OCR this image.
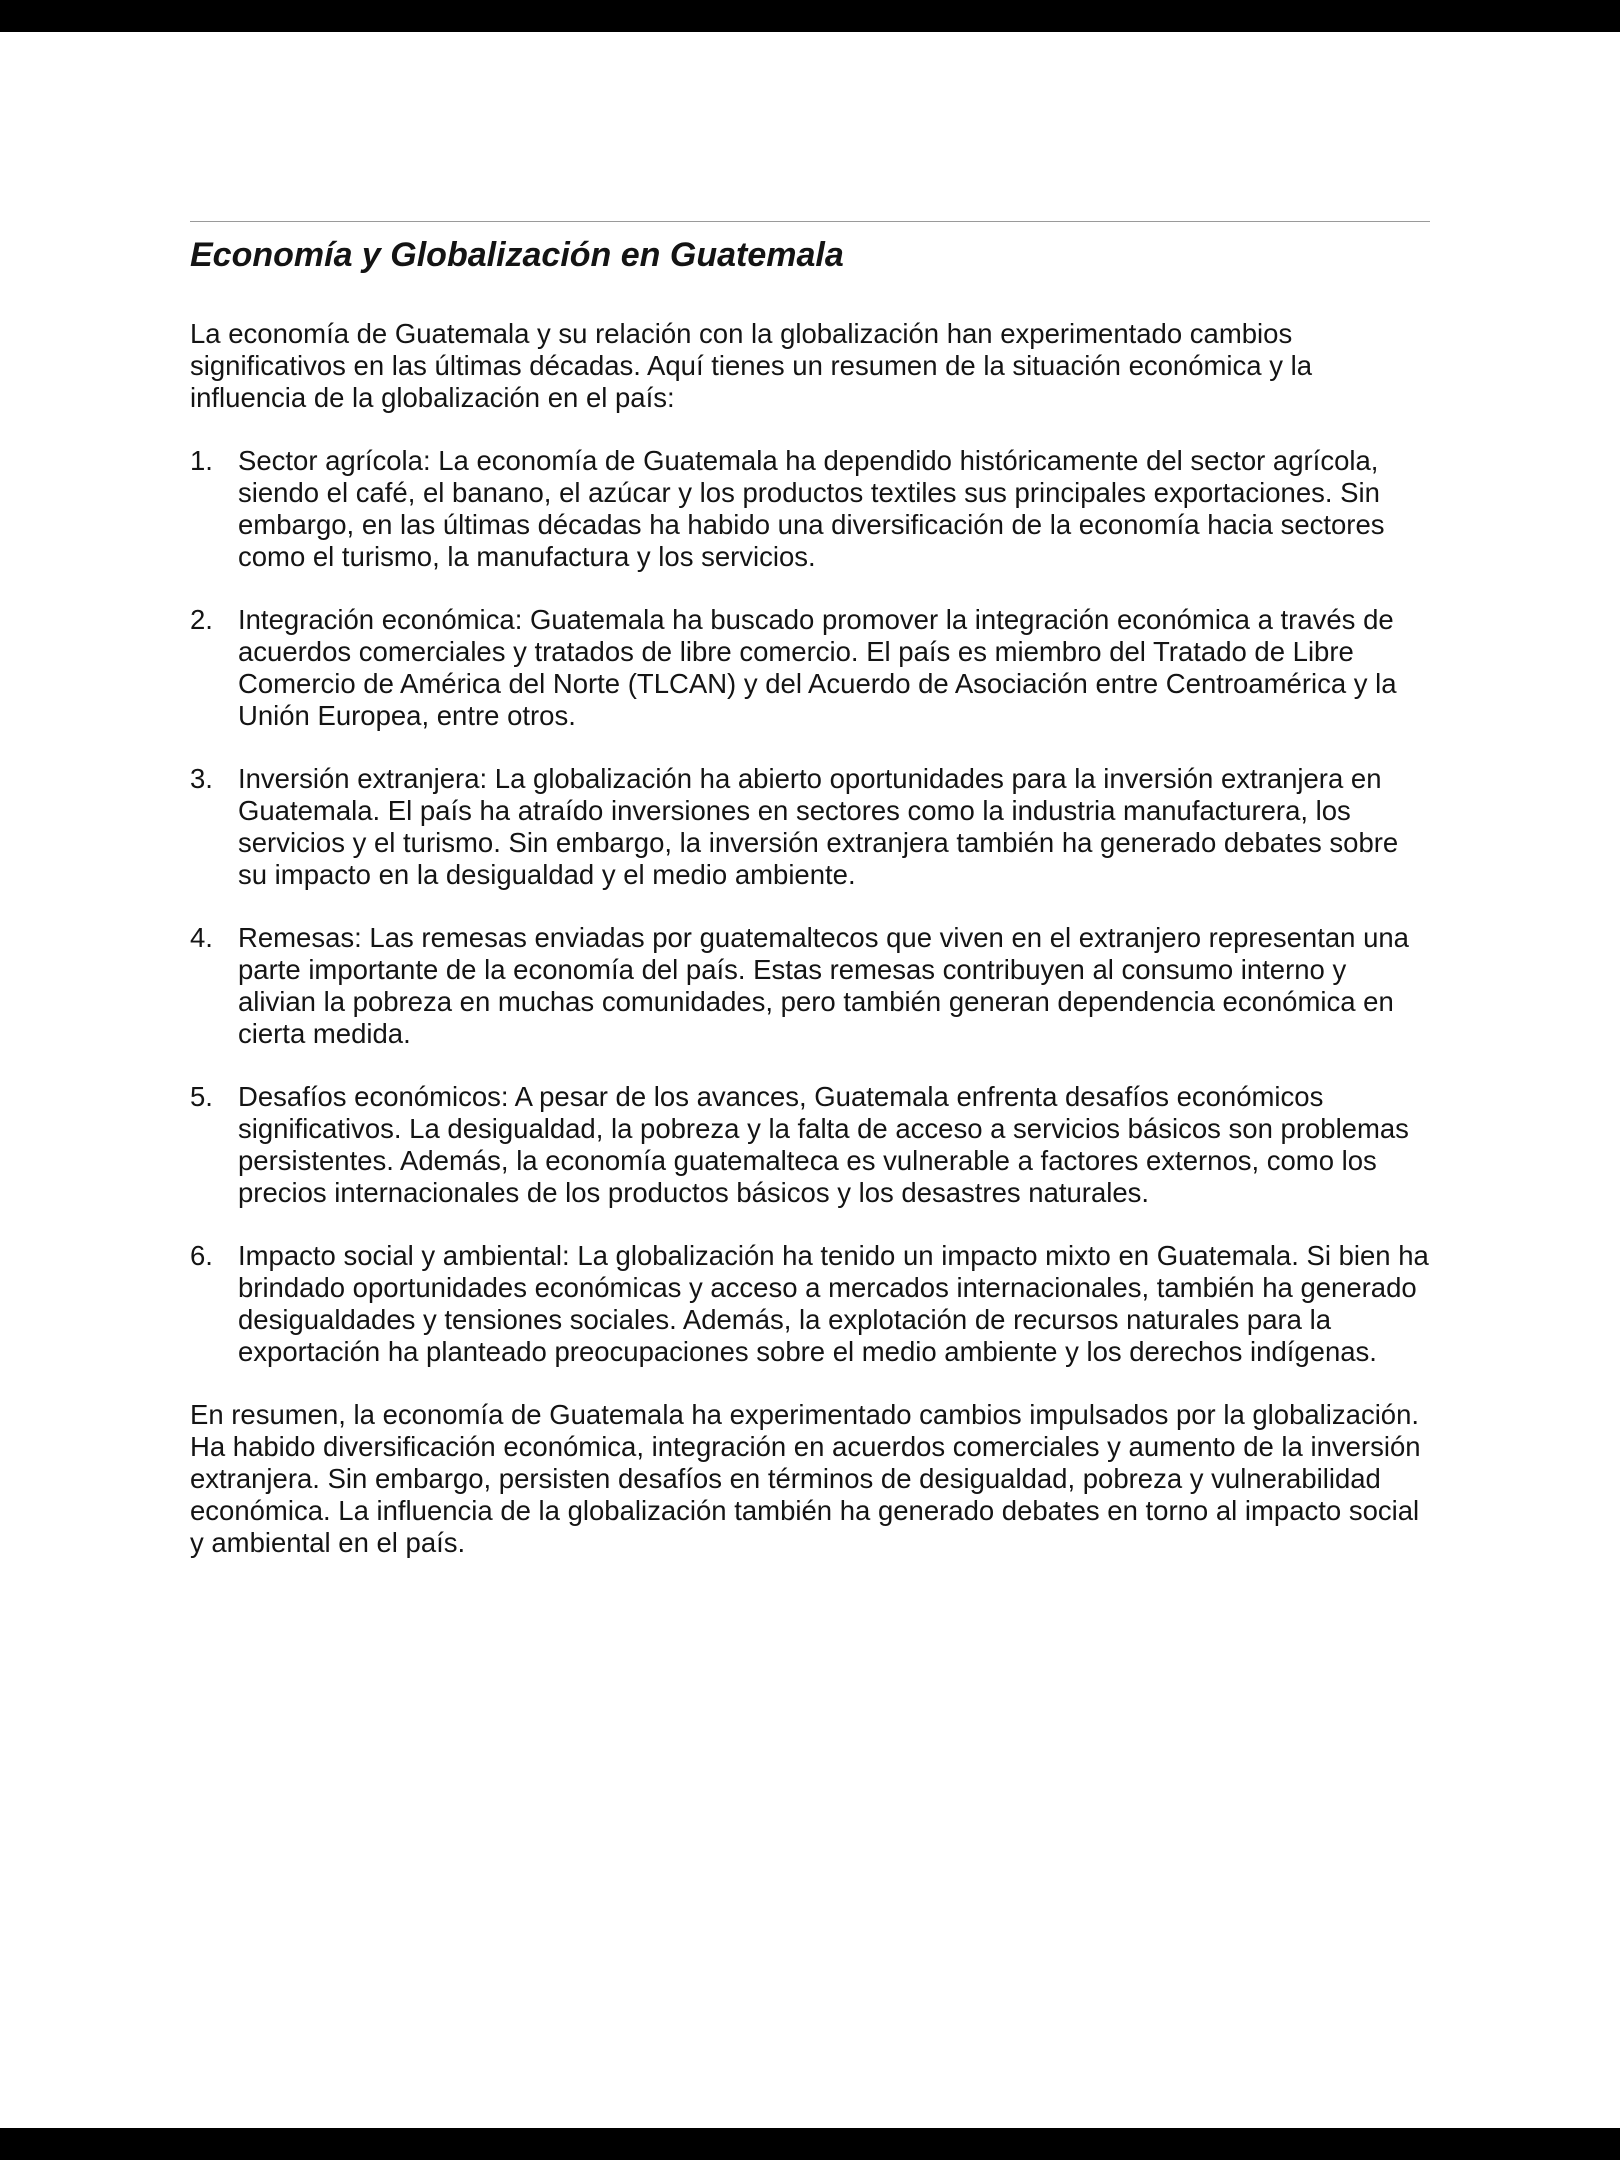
Economía y Globalización en Guatemala

La economía de Guatemala y su relación con la globalización han experimentado cambios significativos en las últimas décadas. Aquí tienes un resumen de la situación económica y la influencia de la globalización en el país:

1. Sector agrícola: La economía de Guatemala ha dependido históricamente del sector agrícola, siendo el café, el banano, el azúcar y los productos textiles sus principales exportaciones. Sin embargo, en las últimas décadas ha habido una diversificación de la economía hacia sectores como el turismo, la manufactura y los servicios.
2. Integración económica: Guatemala ha buscado promover la integración económica a través de acuerdos comerciales y tratados de libre comercio. El país es miembro del Tratado de Libre Comercio de América del Norte (TLCAN) y del Acuerdo de Asociación entre Centroamérica y la Unión Europea, entre otros.
3. Inversión extranjera: La globalización ha abierto oportunidades para la inversión extranjera en Guatemala. El país ha atraído inversiones en sectores como la industria manufacturera, los servicios y el turismo. Sin embargo, la inversión extranjera también ha generado debates sobre su impacto en la desigualdad y el medio ambiente.
4. Remesas: Las remesas enviadas por guatemaltecos que viven en el extranjero representan una parte importante de la economía del país. Estas remesas contribuyen al consumo interno y alivian la pobreza en muchas comunidades, pero también generan dependencia económica en cierta medida.
5. Desafíos económicos: A pesar de los avances, Guatemala enfrenta desafíos económicos significativos. La desigualdad, la pobreza y la falta de acceso a servicios básicos son problemas persistentes. Además, la economía guatemalteca es vulnerable a factores externos, como los precios internacionales de los productos básicos y los desastres naturales.
6. Impacto social y ambiental: La globalización ha tenido un impacto mixto en Guatemala. Si bien ha brindado oportunidades económicas y acceso a mercados internacionales, también ha generado desigualdades y tensiones sociales. Además, la explotación de recursos naturales para la exportación ha planteado preocupaciones sobre el medio ambiente y los derechos indígenas.

En resumen, la economía de Guatemala ha experimentado cambios impulsados por la globalización. Ha habido diversificación económica, integración en acuerdos comerciales y aumento de la inversión extranjera. Sin embargo, persisten desafíos en términos de desigualdad, pobreza y vulnerabilidad económica. La influencia de la globalización también ha generado debates en torno al impacto social y ambiental en el país.
